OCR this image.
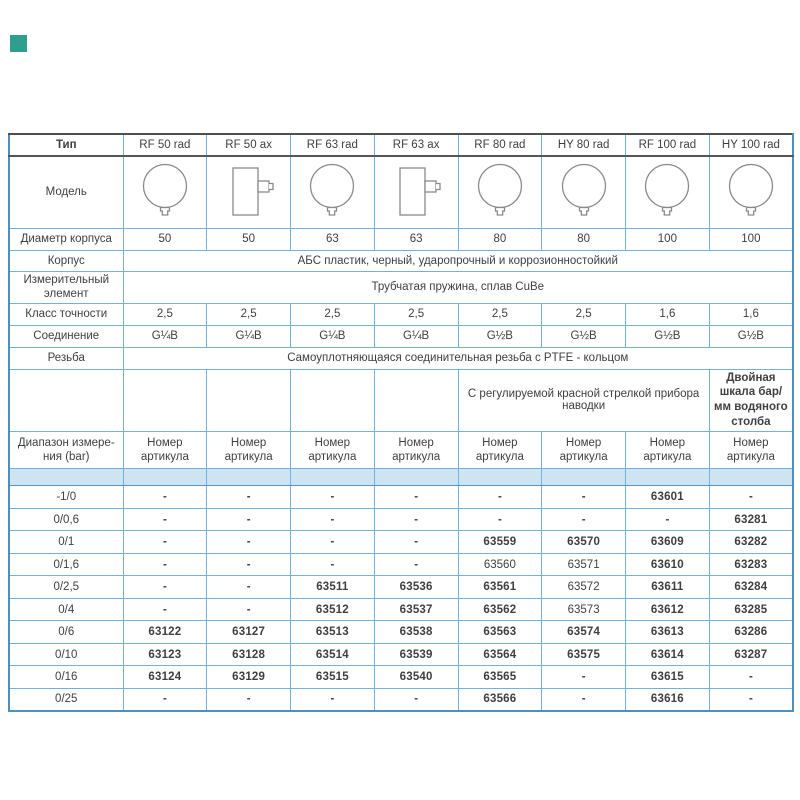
Тип	RF 50 rad	RF 50 ax	RF 63 rad	RF 63 ax	RF 80 rad	HY 80 rad	RF 100 rad	HY 100 rad
Модель	

Диаметр корпуса	50	50	63	63	80	80	100	100
Корпус	АБС пластик, черный, ударопрочный и коррозионностойкий							
Измерительный элемент	Трубчатая пружина, сплав CuBe							
Класс точности	2,5	2,5	2,5	2,5	2,5	2,5	1,6	1,6
Соединение	G¼B	G¼B	G¼B	G¼B	G½B	G½B	G½B	G½B
Резьба	Самоуплотняющаяся соединительная резьба с PTFE - кольцом							
					С регулируемой красной стрелкой прибора наводки			Двойная шкала бар/
мм водяного столба

Диапазон измере-
ния (bar)	Номер артикула	Номер артикула	Номер артикула	Номер артикула	Номер артикула	Номер артикула	Номер артикула	Номер артикула

-1/0	-	-	-	-	-	-	63601	-
0/0,6	-	-	-	-	-	-	-	63281
0/1	-	-	-	-	63559	63570	63609	63282
0/1,6	-	-	-	-	63560	63571	63610	63283
0/2,5	-	-	63511	63536	63561	63572	63611	63284
0/4	-	-	63512	63537	63562	63573	63612	63285
0/6	63122	63127	63513	63538	63563	63574	63613	63286
0/10	63123	63128	63514	63539	63564	63575	63614	63287
0/16	63124	63129	63515	63540	63565	-	63615	-
0/25	-	-	-	-	63566	-	63616	-
